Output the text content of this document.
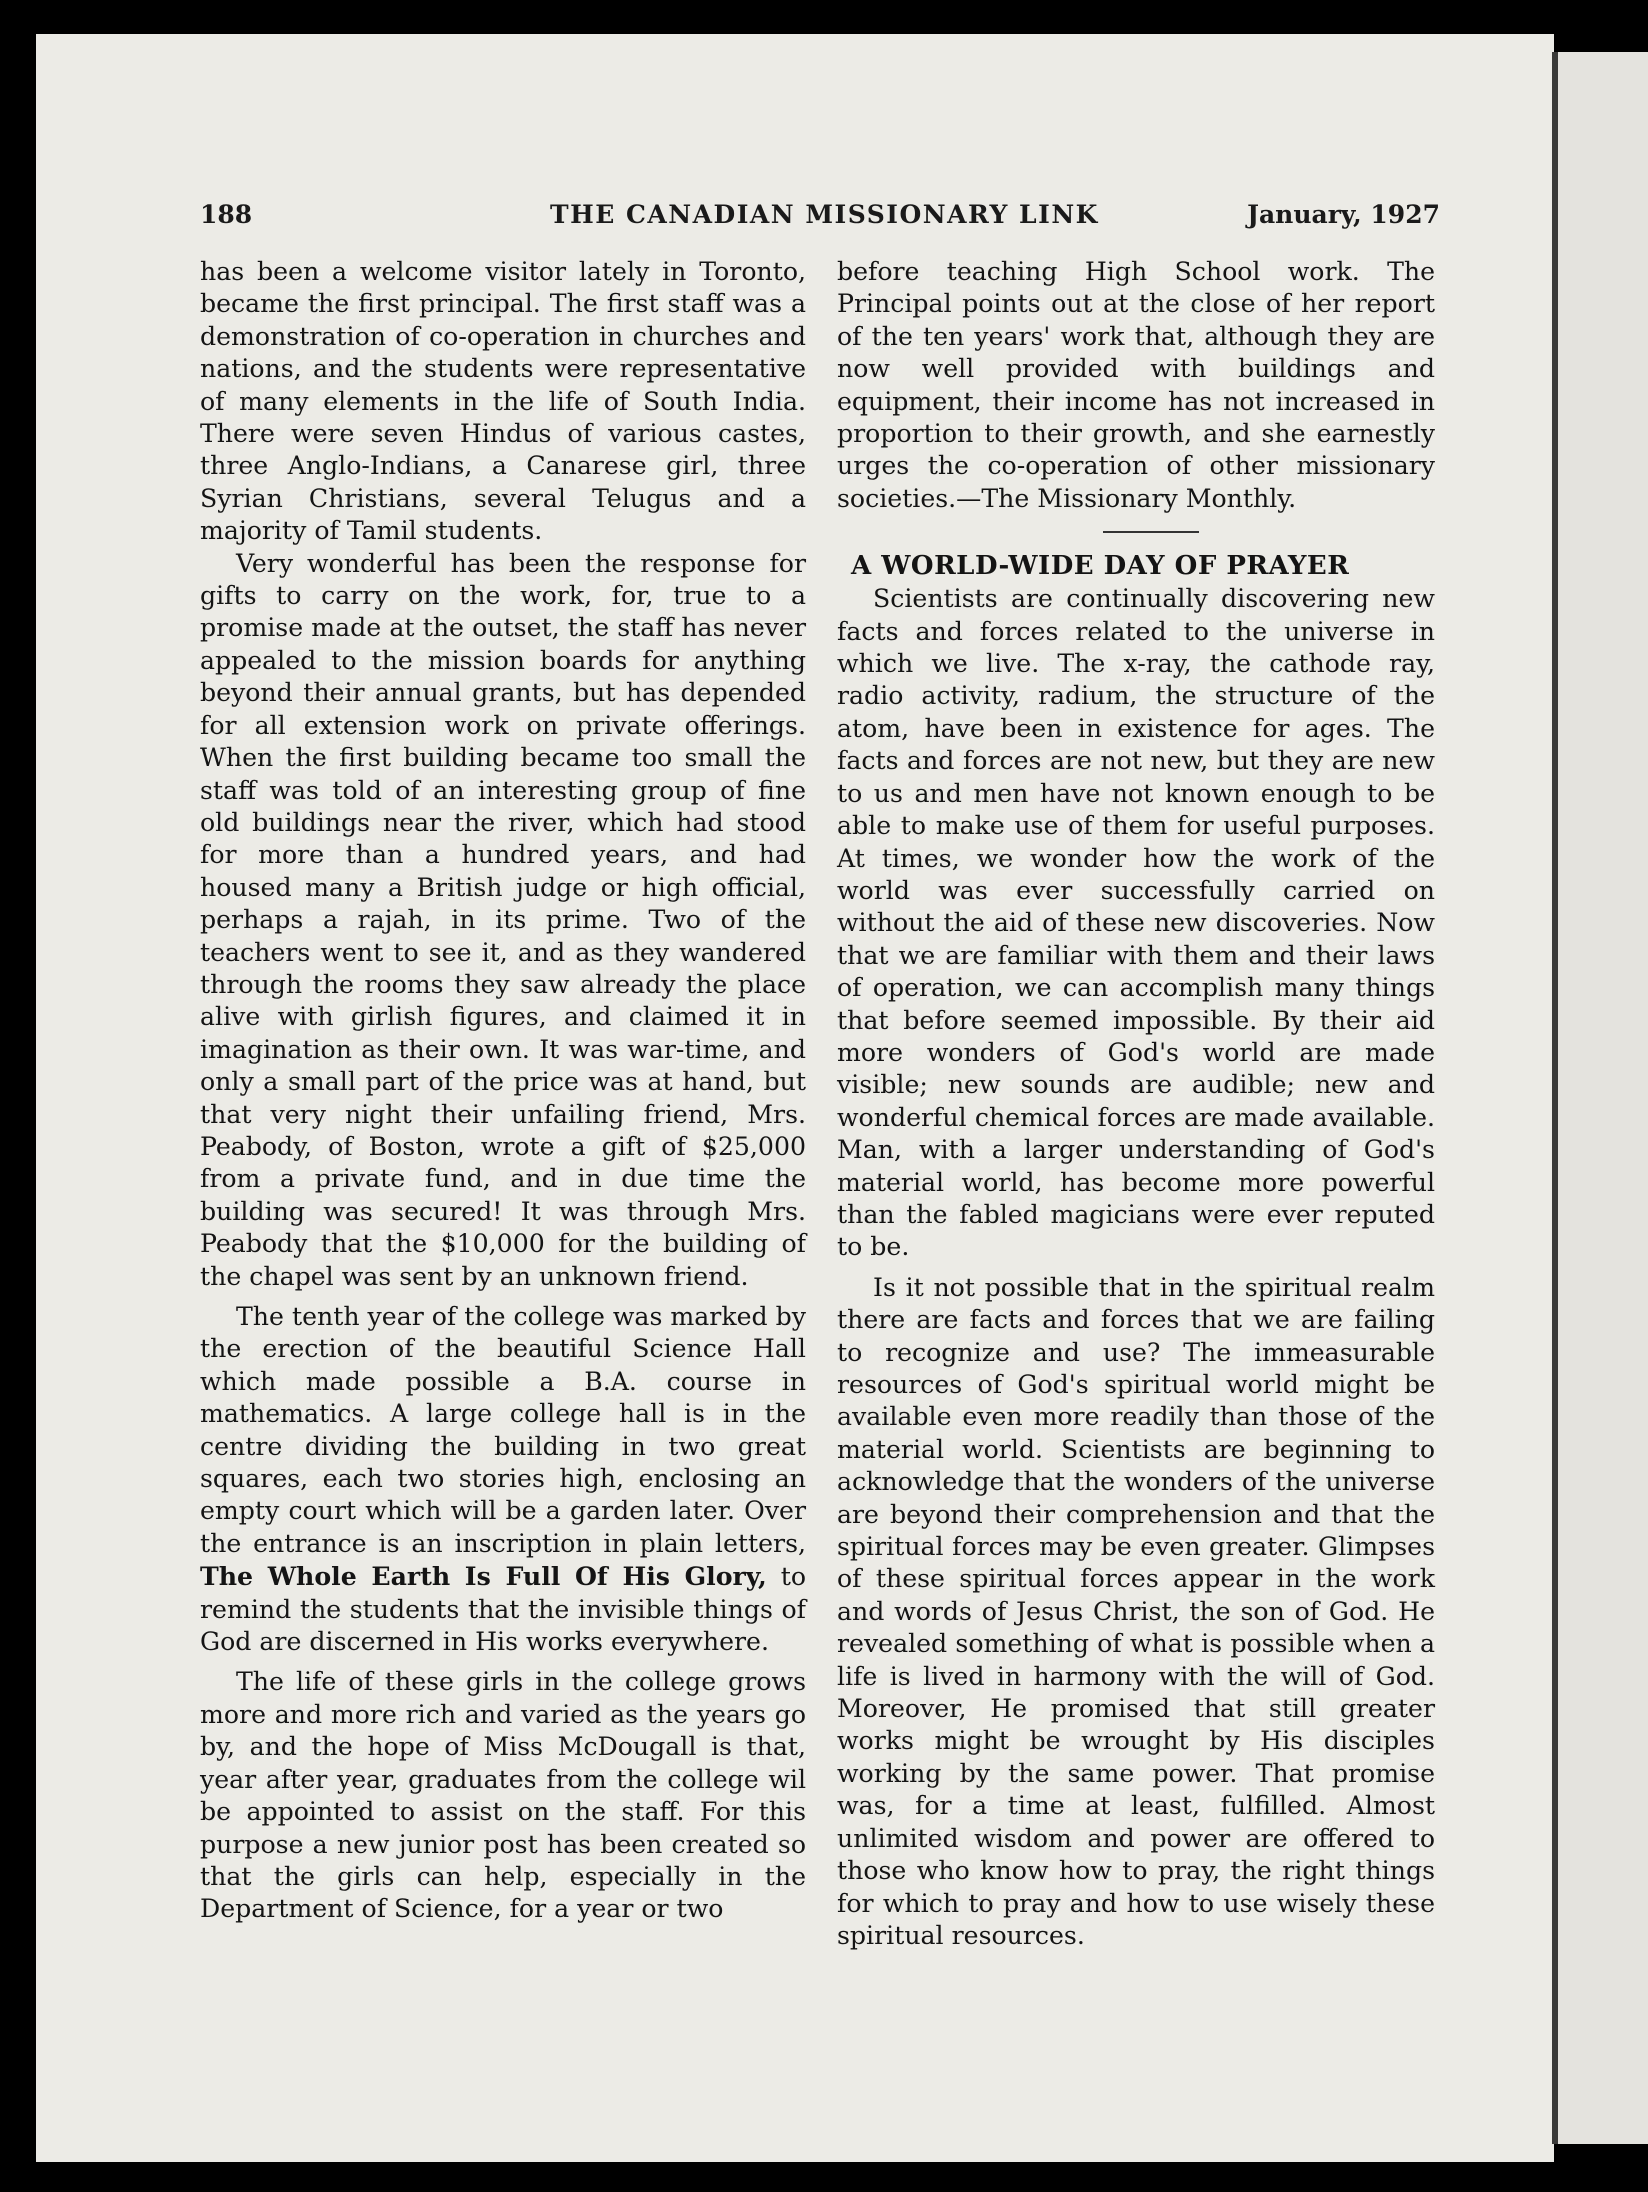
188	THE CANADIAN MISSIONARY LINK	January, 1927

has been a welcome visitor lately in Toronto, became the first principal. The first staff was a demonstration of co-operation in churches and nations, and the students were representative of many elements in the life of South India. There were seven Hindus of various castes, three Anglo-Indians, a Canarese girl, three Syrian Christians, several Telugus and a majority of Tamil students.

Very wonderful has been the response for gifts to carry on the work, for, true to a promise made at the outset, the staff has never appealed to the mission boards for anything beyond their annual grants, but has depended for all extension work on private offerings. When the first building became too small the staff was told of an interesting group of fine old buildings near the river, which had stood for more than a hundred years, and had housed many a British judge or high official, perhaps a rajah, in its prime. Two of the teachers went to see it, and as they wandered through the rooms they saw already the place alive with girlish figures, and claimed it in imagination as their own. It was war-time, and only a small part of the price was at hand, but that very night their unfailing friend, Mrs. Peabody, of Boston, wrote a gift of $25,000 from a private fund, and in due time the building was secured! It was through Mrs. Peabody that the $10,000 for the building of the chapel was sent by an unknown friend.

The tenth year of the college was marked by the erection of the beautiful Science Hall which made possible a B.A. course in mathematics. A large college hall is in the centre dividing the building in two great squares, each two stories high, enclosing an empty court which will be a garden later. Over the entrance is an inscription in plain letters, The Whole Earth Is Full Of His Glory, to remind the students that the invisible things of God are discerned in His works everywhere.

The life of these girls in the college grows more and more rich and varied as the years go by, and the hope of Miss McDougall is that, year after year, graduates from the college wil be appointed to assist on the staff. For this purpose a new junior post has been created so that the girls can help, especially in the Department of Science, for a year or two

before teaching High School work. The Principal points out at the close of her report of the ten years' work that, although they are now well provided with buildings and equipment, their income has not increased in proportion to their growth, and she earnestly urges the co-operation of other missionary societies.—The Missionary Monthly.

A WORLD-WIDE DAY OF PRAYER

Scientists are continually discovering new facts and forces related to the universe in which we live. The x-ray, the cathode ray, radio activity, radium, the structure of the atom, have been in existence for ages. The facts and forces are not new, but they are new to us and men have not known enough to be able to make use of them for useful purposes. At times, we wonder how the work of the world was ever successfully carried on without the aid of these new discoveries. Now that we are familiar with them and their laws of operation, we can accomplish many things that before seemed impossible. By their aid more wonders of God's world are made visible; new sounds are audible; new and wonderful chemical forces are made available. Man, with a larger understanding of God's material world, has become more powerful than the fabled magicians were ever reputed to be.

Is it not possible that in the spiritual realm there are facts and forces that we are failing to recognize and use? The immeasurable resources of God's spiritual world might be available even more readily than those of the material world. Scientists are beginning to acknowledge that the wonders of the universe are beyond their comprehension and that the spiritual forces may be even greater. Glimpses of these spiritual forces appear in the work and words of Jesus Christ, the son of God. He revealed something of what is possible when a life is lived in harmony with the will of God. Moreover, He promised that still greater works might be wrought by His disciples working by the same power. That promise was, for a time at least, fulfilled. Almost unlimited wisdom and power are offered to those who know how to pray, the right things for which to pray and how to use wisely these spiritual resources.
